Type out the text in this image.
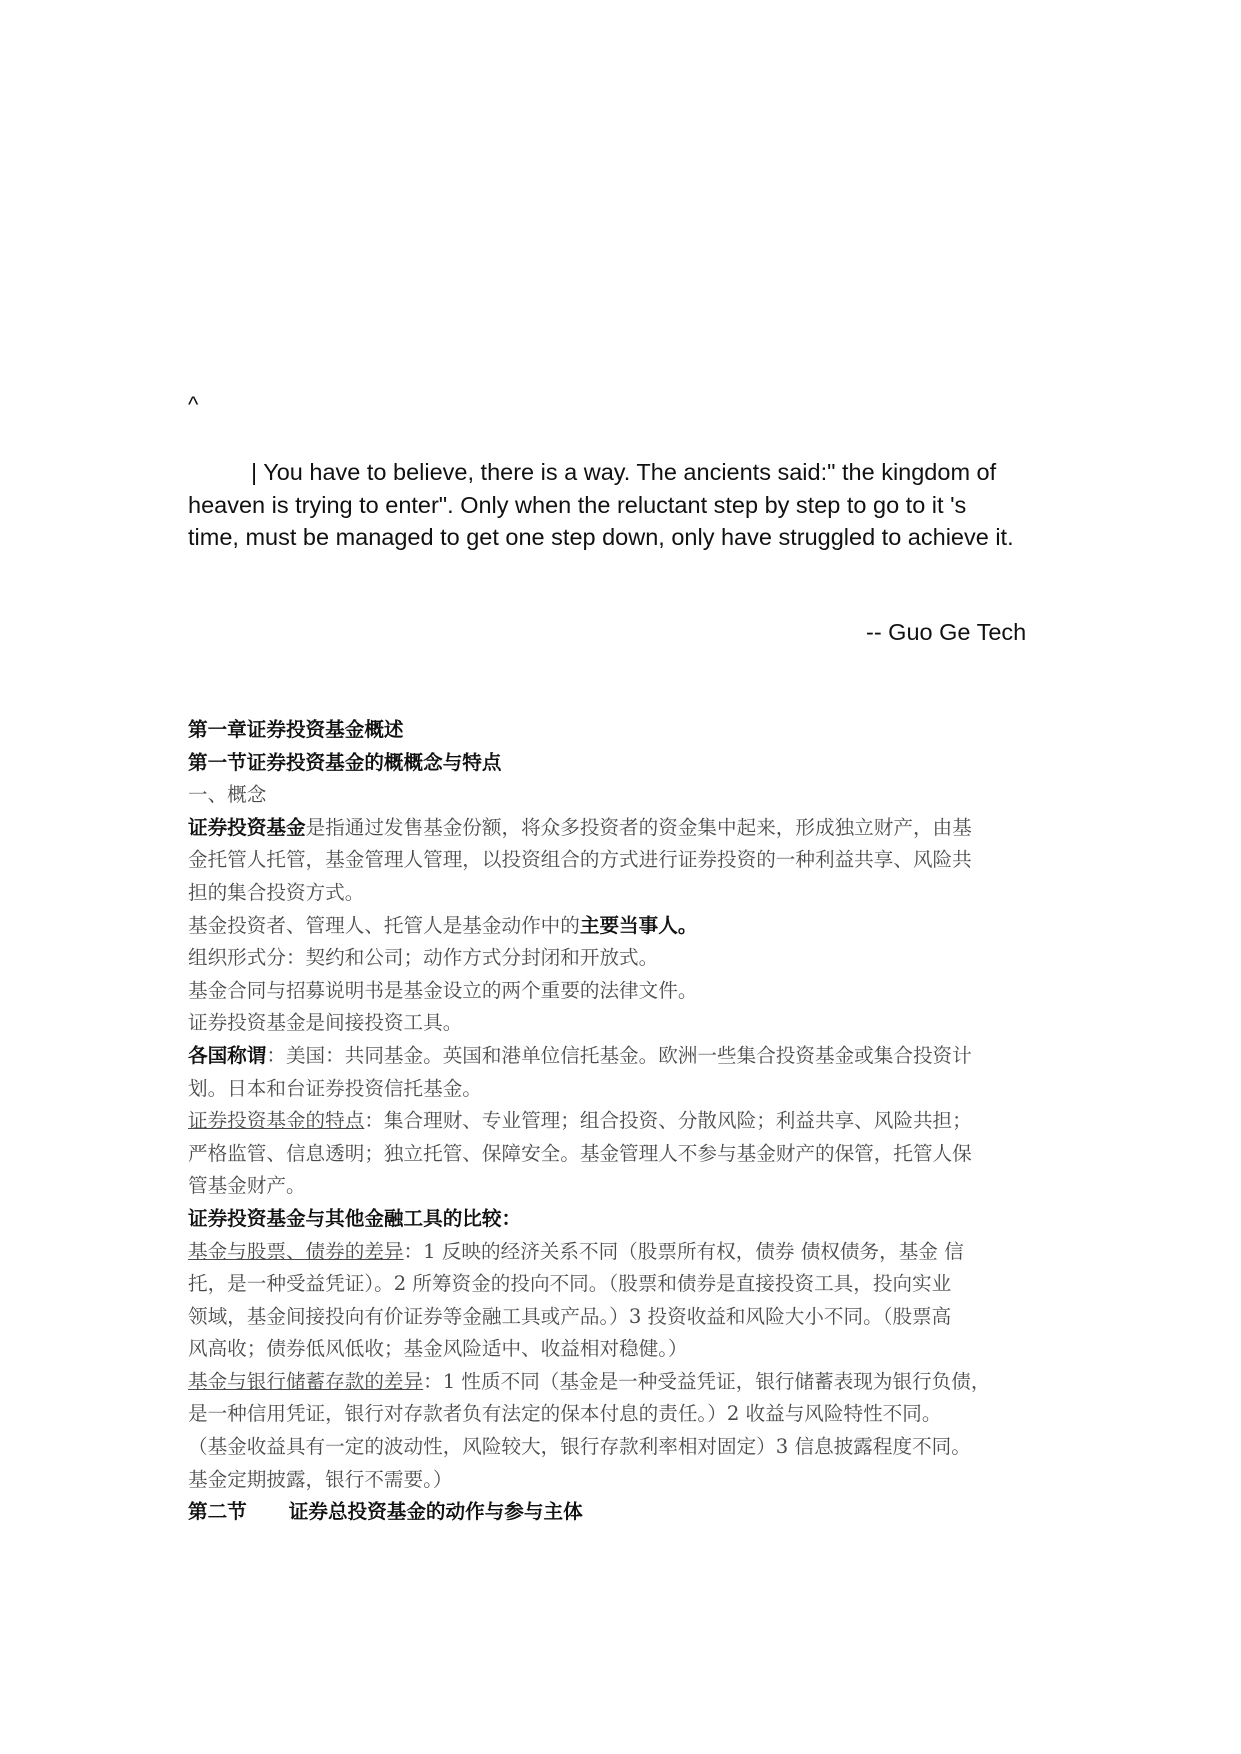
^
| You have to believe, there is a way. The ancients said:" the kingdom of
heaven is trying to enter". Only when the reluctant step by step to go to it 's
time, must be managed to get one step down, only have struggled to achieve it.
-- Guo Ge Tech
第一章证券投资基金概述
第一节证券投资基金的概概念与特点
一、概念
证券投资基金是指通过发售基金份额，将众多投资者的资金集中起来，形成独立财产，由基
金托管人托管，基金管理人管理，以投资组合的方式进行证券投资的一种利益共享、风险共
担的集合投资方式。
基金投资者、管理人、托管人是基金动作中的主要当事人。
组织形式分：契约和公司；动作方式分封闭和开放式。
基金合同与招募说明书是基金设立的两个重要的法律文件。
证券投资基金是间接投资工具。
各国称谓：美国：共同基金。英国和港单位信托基金。欧洲一些集合投资基金或集合投资计
划。日本和台证券投资信托基金。
证券投资基金的特点：集合理财、专业管理；组合投资、分散风险；利益共享、风险共担；
严格监管、信息透明；独立托管、保障安全。基金管理人不参与基金财产的保管，托管人保
管基金财产。
证券投资基金与其他金融工具的比较：
基金与股票、债券的差异：1 反映的经济关系不同（股票所有权，债券 债权债务，基金 信
托，是一种受益凭证）。2 所筹资金的投向不同。（股票和债券是直接投资工具，投向实业
领域，基金间接投向有价证券等金融工具或产品。）3 投资收益和风险大小不同。（股票高
风高收；债券低风低收；基金风险适中、收益相对稳健。）
基金与银行储蓄存款的差异：1 性质不同（基金是一种受益凭证，银行储蓄表现为银行负债，
是一种信用凭证，银行对存款者负有法定的保本付息的责任。）2 收益与风险特性不同。
（基金收益具有一定的波动性，风险较大，银行存款利率相对固定）3 信息披露程度不同。
基金定期披露，银行不需要。）
第二节 证券总投资基金的动作与参与主体
